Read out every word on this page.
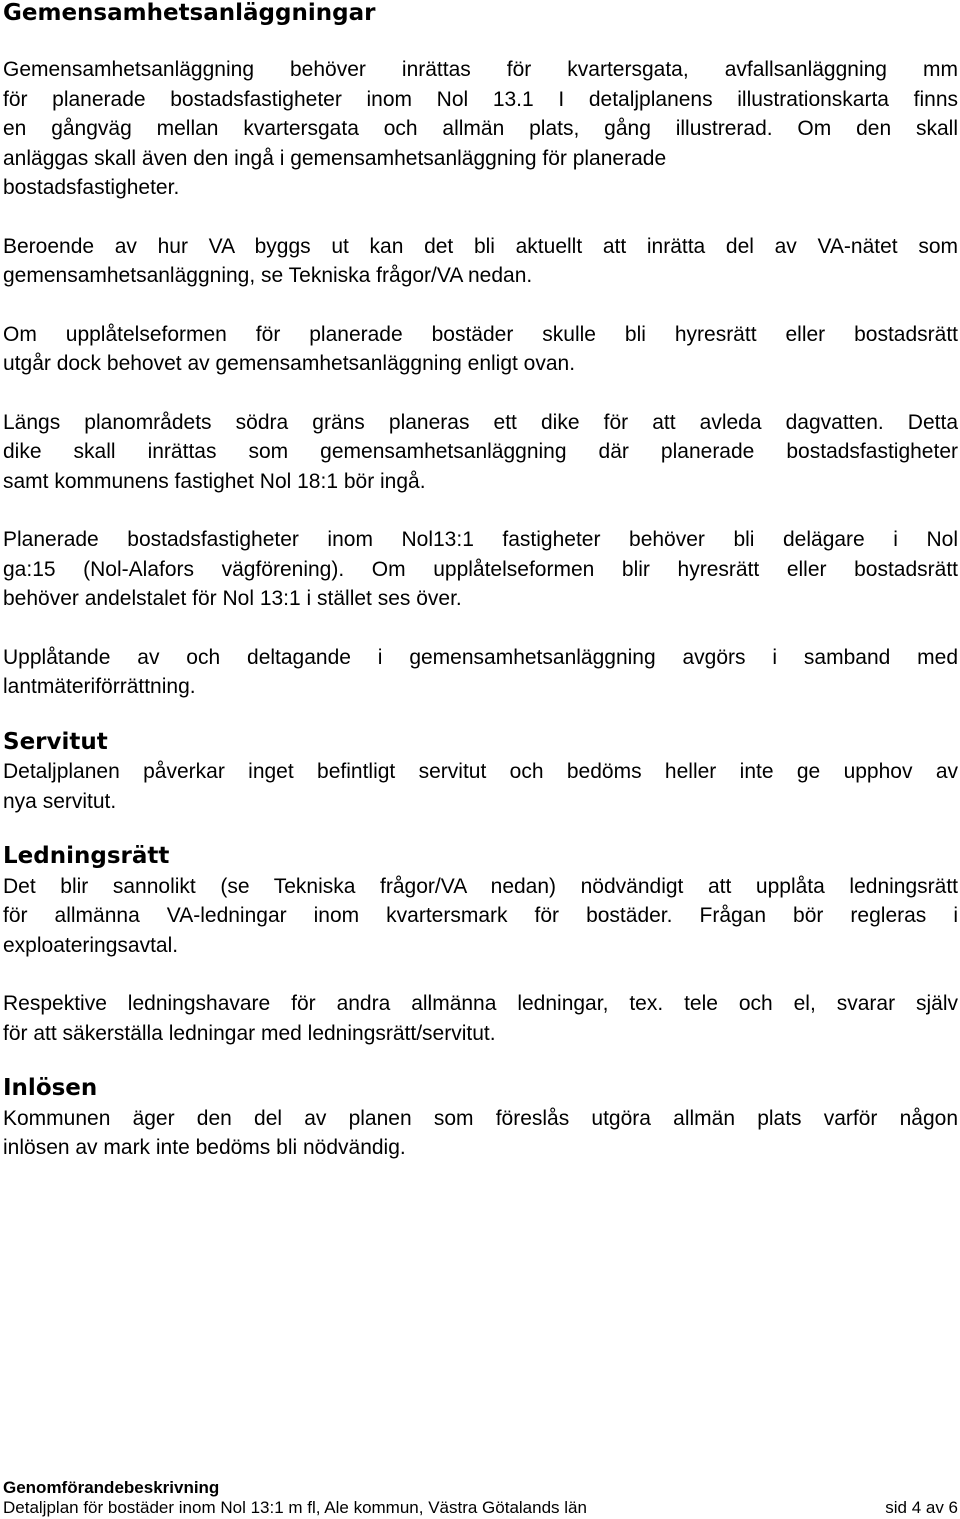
Gemensamhetsanläggningar
Gemensamhetsanläggning behöver inrättas för kvartersgata, avfallsanläggning mm
för planerade bostadsfastigheter inom Nol 13.1 I detaljplanens illustrationskarta finns
en gångväg mellan kvartersgata och allmän plats, gång illustrerad. Om den skall
anläggas skall även den ingå i gemensamhetsanläggning för planerade
bostadsfastigheter.
Beroende av hur VA byggs ut kan det bli aktuellt att inrätta del av VA-nätet som
gemensamhetsanläggning, se Tekniska frågor/VA nedan.
Om upplåtelseformen för planerade bostäder skulle bli hyresrätt eller bostadsrätt
utgår dock behovet av gemensamhetsanläggning enligt ovan.
Längs planområdets södra gräns planeras ett dike för att avleda dagvatten. Detta
dike skall inrättas som gemensamhetsanläggning där planerade bostadsfastigheter
samt kommunens fastighet Nol 18:1 bör ingå.
Planerade bostadsfastigheter inom Nol13:1 fastigheter behöver bli delägare i Nol
ga:15 (Nol-Alafors vägförening). Om upplåtelseformen blir hyresrätt eller bostadsrätt
behöver andelstalet för Nol 13:1 i stället ses över.
Upplåtande av och deltagande i gemensamhetsanläggning avgörs i samband med
lantmäteriförrättning.
Servitut
Detaljplanen påverkar inget befintligt servitut och bedöms heller inte ge upphov av
nya servitut.
Ledningsrätt
Det blir sannolikt (se Tekniska frågor/VA nedan) nödvändigt att upplåta ledningsrätt
för allmänna VA-ledningar inom kvartersmark för bostäder. Frågan bör regleras i
exploateringsavtal.
Respektive ledningshavare för andra allmänna ledningar, tex. tele och el, svarar själv
för att säkerställa ledningar med ledningsrätt/servitut.
Inlösen
Kommunen äger den del av planen som föreslås utgöra allmän plats varför någon
inlösen av mark inte bedöms bli nödvändig.
Genomförandebeskrivning
Detaljplan för bostäder inom Nol 13:1 m fl, Ale kommun, Västra Götalands län	sid 4 av 6
